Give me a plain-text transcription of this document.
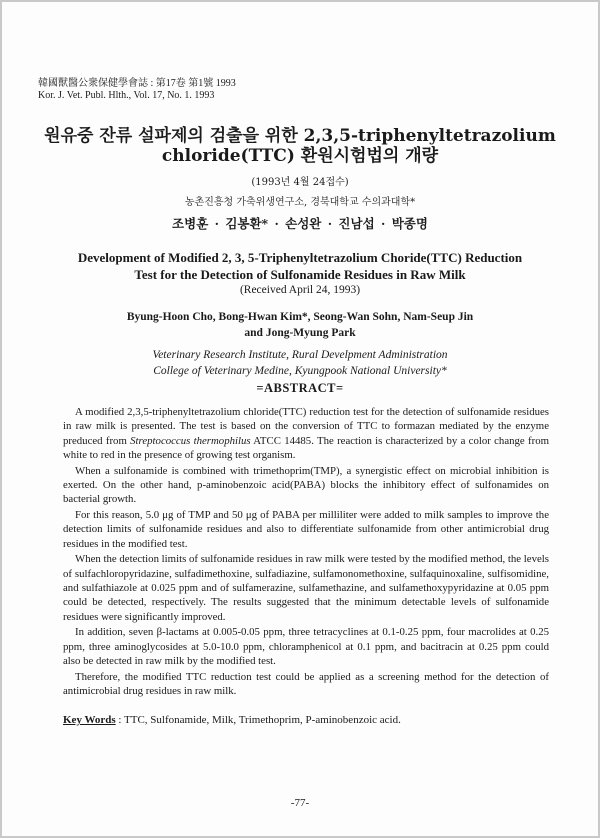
韓國獸醫公衆保健學會誌 : 第17卷 第1號 1993
Kor. J. Vet. Publ. Hlth., Vol. 17, No. 1. 1993
원유중 잔류 설파제의 검출을 위한 2,3,5-triphenyltetrazolium
chloride(TTC) 환원시험법의 개량
(1993년 4월 24접수)
농촌진흥청 가축위생연구소, 경북대학교 수의과대학*
조병훈 · 김봉환* · 손성완 · 진남섭 · 박종명
Development of Modified 2, 3, 5-Triphenyltetrazolium Choride(TTC) Reduction
Test for the Detection of Sulfonamide Residues in Raw Milk
(Received April 24, 1993)
Byung-Hoon Cho, Bong-Hwan Kim*, Seong-Wan Sohn, Nam-Seup Jin
and Jong-Myung Park
Veterinary Research Institute, Rural Develpment Administration
College of Veterinary Medine, Kyungpook National University*
=ABSTRACT=

A modified 2,3,5-triphenyltetrazolium chloride(TTC) reduction test for the detection of sulfonamide residues in raw milk is presented. The test is based on the conversion of TTC to formazan mediated by the enzyme preduced from Streptococcus thermophilus ATCC 14485. The reaction is characterized by a color change from white to red in the presence of growing test organism.

When a sulfonamide is combined with trimethoprim(TMP), a synergistic effect on microbial inhibition is exerted. On the other hand, p-aminobenzoic acid(PABA) blocks the inhibitory effect of sulfonamides on bacterial growth.

For this reason, 5.0 μg of TMP and 50 μg of PABA per milliliter were added to milk samples to improve the detection limits of sulfonamide residues and also to differentiate sulfonamide from other antimicrobial drug residues in the modified test.

When the detection limits of sulfonamide residues in raw milk were tested by the modified method, the levels of sulfachloropyridazine, sulfadimethoxine, sulfadiazine, sulfamonomethoxine, sulfaquinoxaline, sulfisomidine, and sulfathiazole at 0.025 ppm and of sulfamerazine, sulfamethazine, and sulfamethoxypyridazine at 0.05 ppm could be detected, respectively. The results suggested that the minimum detectable levels of sulfonamide residues were significantly improved.

In addition, seven β-lactams at 0.005-0.05 ppm, three tetracyclines at 0.1-0.25 ppm, four macrolides at 0.25 ppm, three aminoglycosides at 5.0-10.0 ppm, chloramphenicol at 0.1 ppm, and bacitracin at 0.25 ppm could also be detected in raw milk by the modified test.

Therefore, the modified TTC reduction test could be applied as a screening method for the detection of antimicrobial drug residues in raw milk.

Key Words : TTC, Sulfonamide, Milk, Trimethoprim, P-aminobenzoic acid.
-77-
